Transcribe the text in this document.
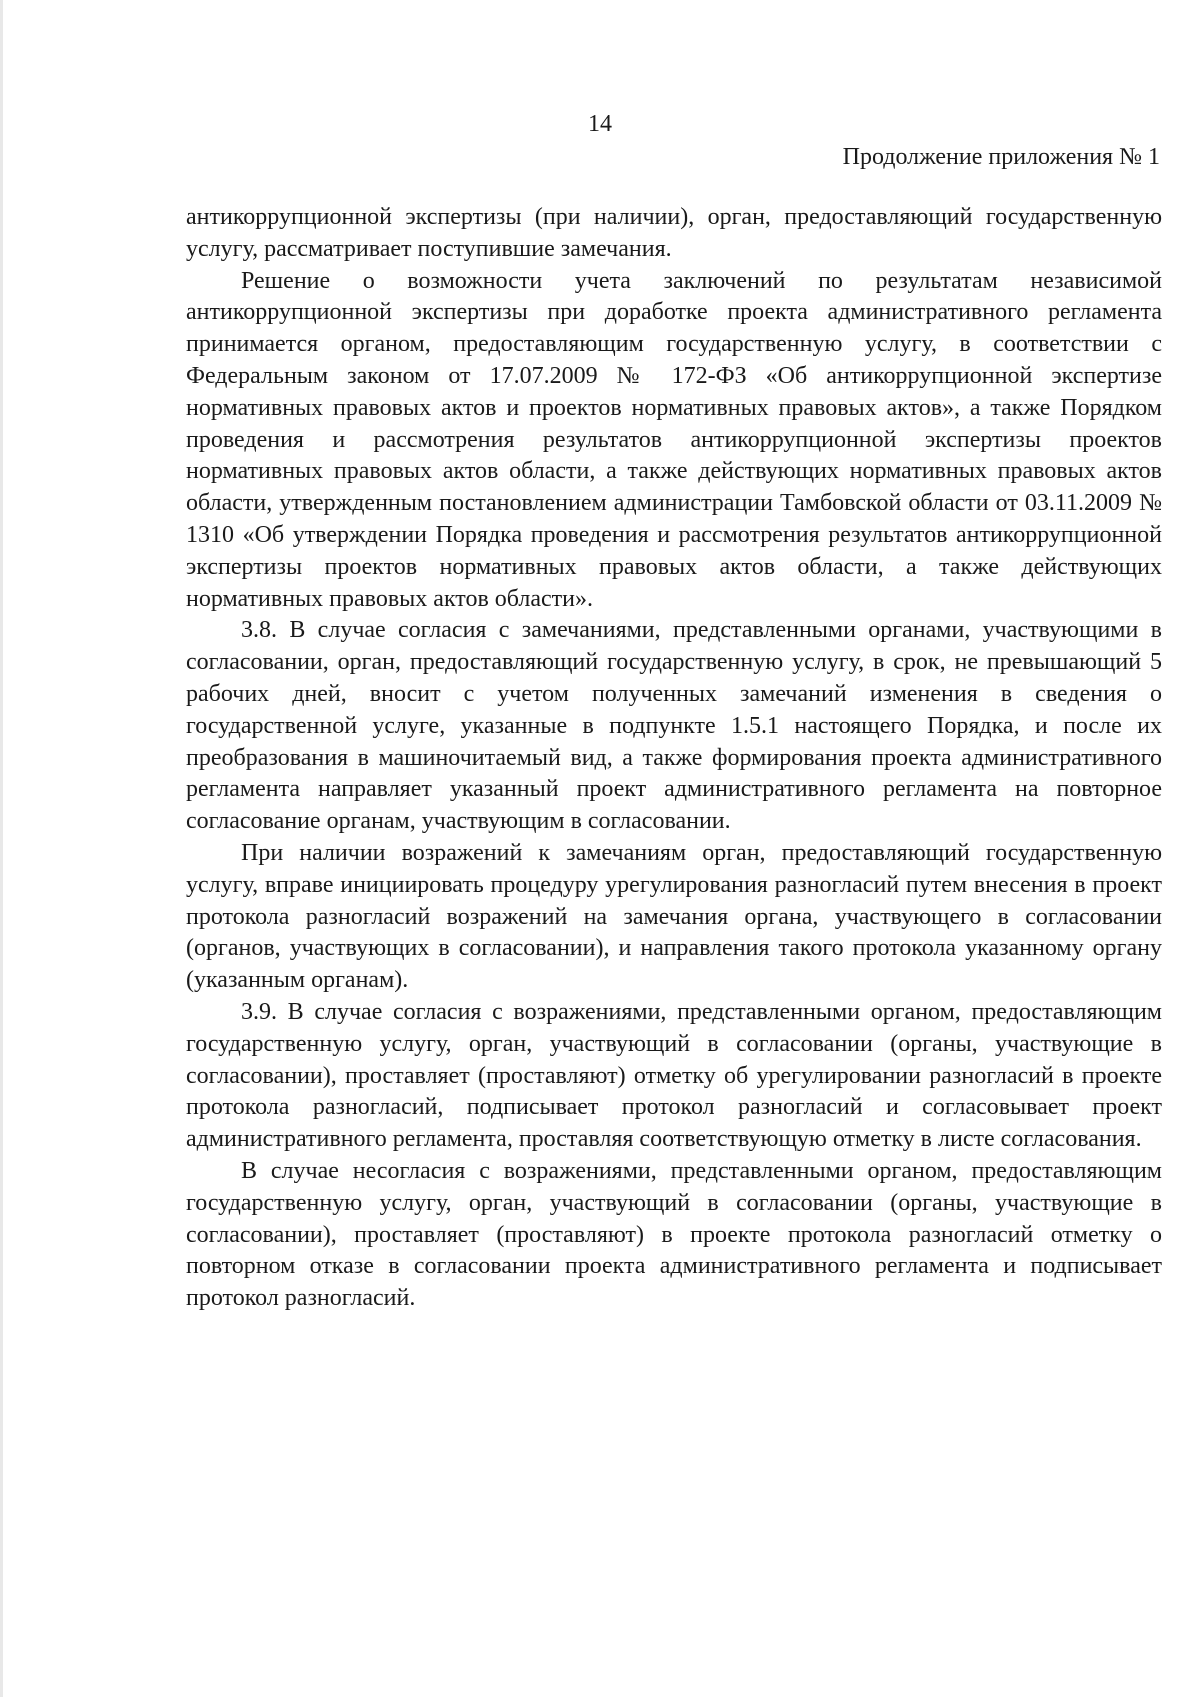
14
Продолжение приложения № 1

антикоррупционной экспертизы (при наличии), орган, предоставляющий государственную услугу, рассматривает поступившие замечания.

Решение о возможности учета заключений по результатам независимой антикоррупционной экспертизы при доработке проекта административного регламента принимается органом, предоставляющим государственную услугу, в соответствии с Федеральным законом от 17.07.2009 № 172-ФЗ «Об антикоррупционной экспертизе нормативных правовых актов и проектов нормативных правовых актов», а также Порядком проведения и рассмотрения результатов антикоррупционной экспертизы проектов нормативных правовых актов области, а также действующих нормативных правовых актов области, утвержденным постановлением администрации Тамбовской области от 03.11.2009 № 1310 «Об утверждении Порядка проведения и рассмотрения результатов антикоррупционной экспертизы проектов нормативных правовых актов области, а также действующих нормативных правовых актов области».

3.8. В случае согласия с замечаниями, представленными органами, участвующими в согласовании, орган, предоставляющий государственную услугу, в срок, не превышающий 5 рабочих дней, вносит с учетом полученных замечаний изменения в сведения о государственной услуге, указанные в подпункте 1.5.1 настоящего Порядка, и после их преобразования в машиночитаемый вид, а также формирования проекта административного регламента направляет указанный проект административного регламента на повторное согласование органам, участвующим в согласовании.

При наличии возражений к замечаниям орган, предоставляющий государственную услугу, вправе инициировать процедуру урегулирования разногласий путем внесения в проект протокола разногласий возражений на замечания органа, участвующего в согласовании (органов, участвующих в согласовании), и направления такого протокола указанному органу (указанным органам).

3.9. В случае согласия с возражениями, представленными органом, предоставляющим государственную услугу, орган, участвующий в согласовании (органы, участвующие в согласовании), проставляет (проставляют) отметку об урегулировании разногласий в проекте протокола разногласий, подписывает протокол разногласий и согласовывает проект административного регламента, проставляя соответствующую отметку в листе согласования.

В случае несогласия с возражениями, представленными органом, предоставляющим государственную услугу, орган, участвующий в согласовании (органы, участвующие в согласовании), проставляет (проставляют) в проекте протокола разногласий отметку о повторном отказе в согласовании проекта административного регламента и подписывает протокол разногласий.
